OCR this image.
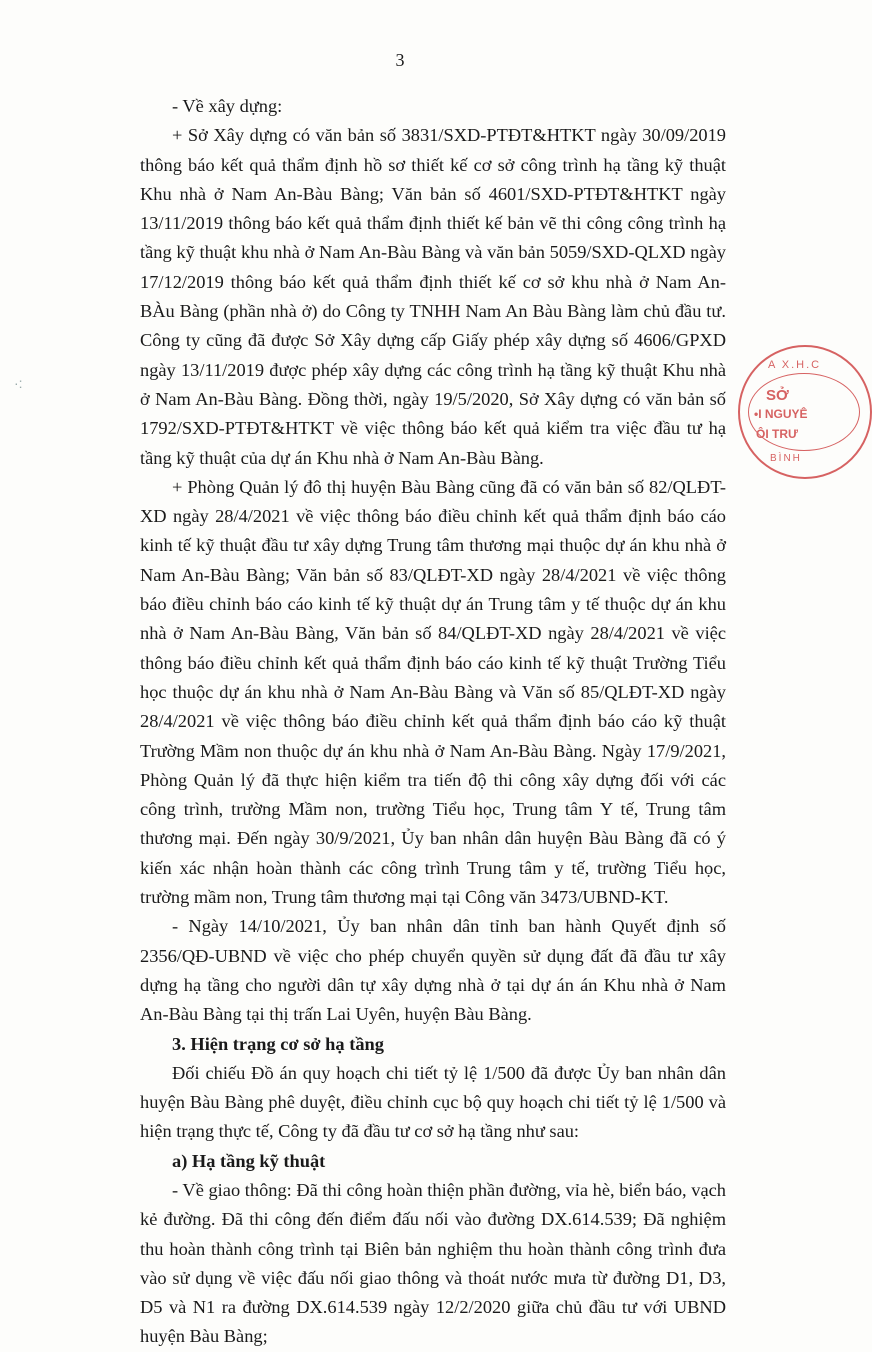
3

- Về xây dựng:

+ Sở Xây dựng có văn bản số 3831/SXD-PTĐT&HTKT ngày 30/09/2019 thông báo kết quả thẩm định hồ sơ thiết kế cơ sở công trình hạ tầng kỹ thuật Khu nhà ở Nam An-Bàu Bàng; Văn bản số 4601/SXD-PTĐT&HTKT ngày 13/11/2019 thông báo kết quả thẩm định thiết kế bản vẽ thi công công trình hạ tầng kỹ thuật khu nhà ở Nam An-Bàu Bàng và văn bản 5059/SXD-QLXD ngày 17/12/2019 thông báo kết quả thẩm định thiết kế cơ sở khu nhà ở Nam An-BÀu Bàng (phần nhà ở) do Công ty TNHH Nam An Bàu Bàng làm chủ đầu tư. Công ty cũng đã được Sở Xây dựng cấp Giấy phép xây dựng số 4606/GPXD ngày 13/11/2019 được phép xây dựng các công trình hạ tầng kỹ thuật Khu nhà ở Nam An-Bàu Bàng. Đồng thời, ngày 19/5/2020, Sở Xây dựng có văn bản số 1792/SXD-PTĐT&HTKT về việc thông báo kết quả kiểm tra việc đầu tư hạ tầng kỹ thuật của dự án Khu nhà ở Nam An-Bàu Bàng.

+ Phòng Quản lý đô thị huyện Bàu Bàng cũng đã có văn bản số 82/QLĐT-XD ngày 28/4/2021 về việc thông báo điều chỉnh kết quả thẩm định báo cáo kinh tế kỹ thuật đầu tư xây dựng Trung tâm thương mại thuộc dự án khu nhà ở Nam An-Bàu Bàng; Văn bản số 83/QLĐT-XD ngày 28/4/2021 về việc thông báo điều chỉnh báo cáo kinh tế kỹ thuật dự án Trung tâm y tế thuộc dự án khu nhà ở Nam An-Bàu Bàng, Văn bản số 84/QLĐT-XD ngày 28/4/2021 về việc thông báo điều chỉnh kết quả thẩm định báo cáo kinh tế kỹ thuật Trường Tiểu học thuộc dự án khu nhà ở Nam An-Bàu Bàng và Văn số 85/QLĐT-XD ngày 28/4/2021 về việc thông báo điều chỉnh kết quả thẩm định báo cáo kỹ thuật Trường Mầm non thuộc dự án khu nhà ở Nam An-Bàu Bàng. Ngày 17/9/2021, Phòng Quản lý đã thực hiện kiểm tra tiến độ thi công xây dựng đối với các công trình, trường Mầm non, trường Tiểu học, Trung tâm Y tế, Trung tâm thương mại. Đến ngày 30/9/2021, Ủy ban nhân dân huyện Bàu Bàng đã có ý kiến xác nhận hoàn thành các công trình Trung tâm y tế, trường Tiểu học, trường mầm non, Trung tâm thương mại tại Công văn 3473/UBND-KT.

- Ngày 14/10/2021, Ủy ban nhân dân tỉnh ban hành Quyết định số 2356/QĐ-UBND về việc cho phép chuyển quyền sử dụng đất đã đầu tư xây dựng hạ tầng cho người dân tự xây dựng nhà ở tại dự án án Khu nhà ở Nam An-Bàu Bàng tại thị trấn Lai Uyên, huyện Bàu Bàng.

3. Hiện trạng cơ sở hạ tầng

Đối chiếu Đồ án quy hoạch chi tiết tỷ lệ 1/500 đã được Ủy ban nhân dân huyện Bàu Bàng phê duyệt, điều chỉnh cục bộ quy hoạch chi tiết tỷ lệ 1/500 và hiện trạng thực tế, Công ty đã đầu tư cơ sở hạ tầng như sau:

a) Hạ tầng kỹ thuật

- Về giao thông: Đã thi công hoàn thiện phần đường, vỉa hè, biển báo, vạch kẻ đường. Đã thi công đến điểm đấu nối vào đường DX.614.539; Đã nghiệm thu hoàn thành công trình tại Biên bản nghiệm thu hoàn thành công trình đưa vào sử dụng về việc đấu nối giao thông và thoát nước mưa từ đường D1, D3, D5 và N1 ra đường DX.614.539 ngày 12/2/2020 giữa chủ đầu tư với UBND huyện Bàu Bàng;

·:
A X.H.C
SỞ
•I NGUYÊ
ÔI TRƯ
BÌNH
